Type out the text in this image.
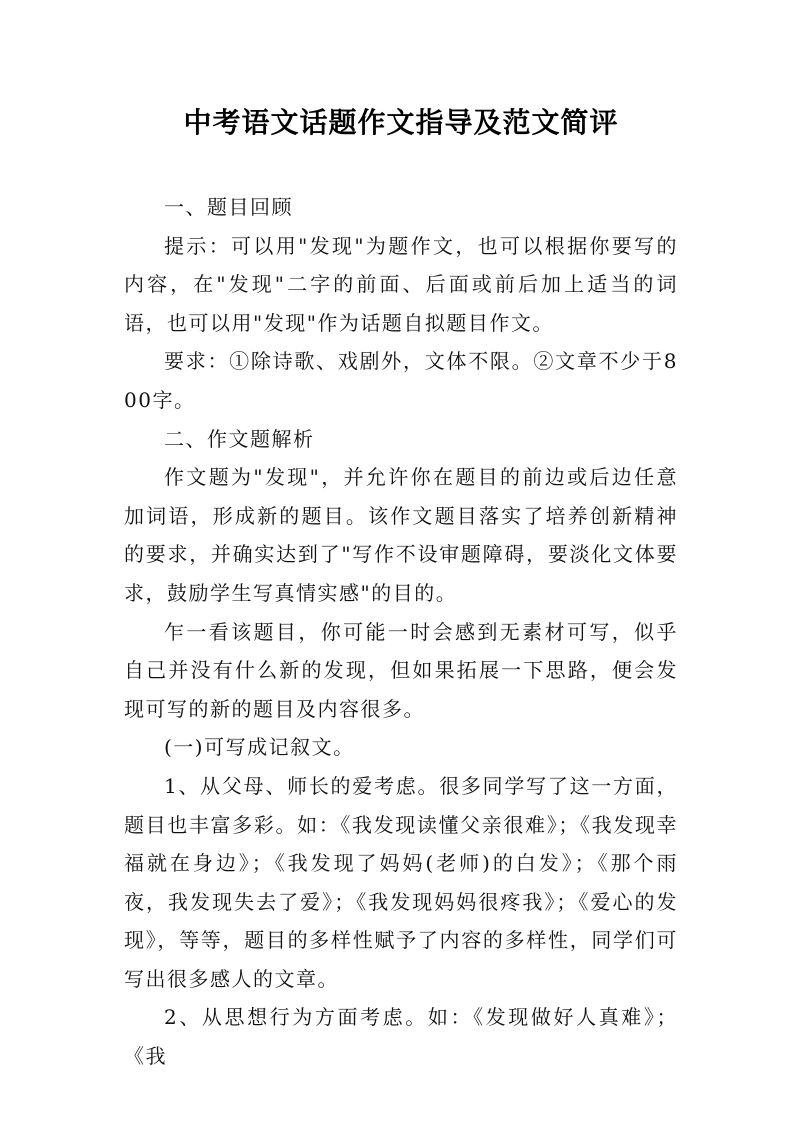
中考语文话题作文指导及范文简评

一、题目回顾

提示：可以用"发现"为题作文，也可以根据你要写的内容，在"发现"二字的前面、后面或前后加上适当的词语，也可以用"发现"作为话题自拟题目作文。

要求：①除诗歌、戏剧外，文体不限。②文章不少于800字。

二、作文题解析

作文题为"发现"，并允许你在题目的前边或后边任意加词语，形成新的题目。该作文题目落实了培养创新精神的要求，并确实达到了"写作不设审题障碍，要淡化文体要求，鼓励学生写真情实感"的目的。

乍一看该题目，你可能一时会感到无素材可写，似乎自己并没有什么新的发现，但如果拓展一下思路，便会发现可写的新的题目及内容很多。

(一)可写成记叙文。

1、从父母、师长的爱考虑。很多同学写了这一方面，题目也丰富多彩。如：《我发现读懂父亲很难》；《我发现幸福就在身边》；《我发现了妈妈(老师)的白发》；《那个雨夜，我发现失去了爱》；《我发现妈妈很疼我》；《爱心的发现》，等等，题目的多样性赋予了内容的多样性，同学们可写出很多感人的文章。

2、从思想行为方面考虑。如：《发现做好人真难》；《我
